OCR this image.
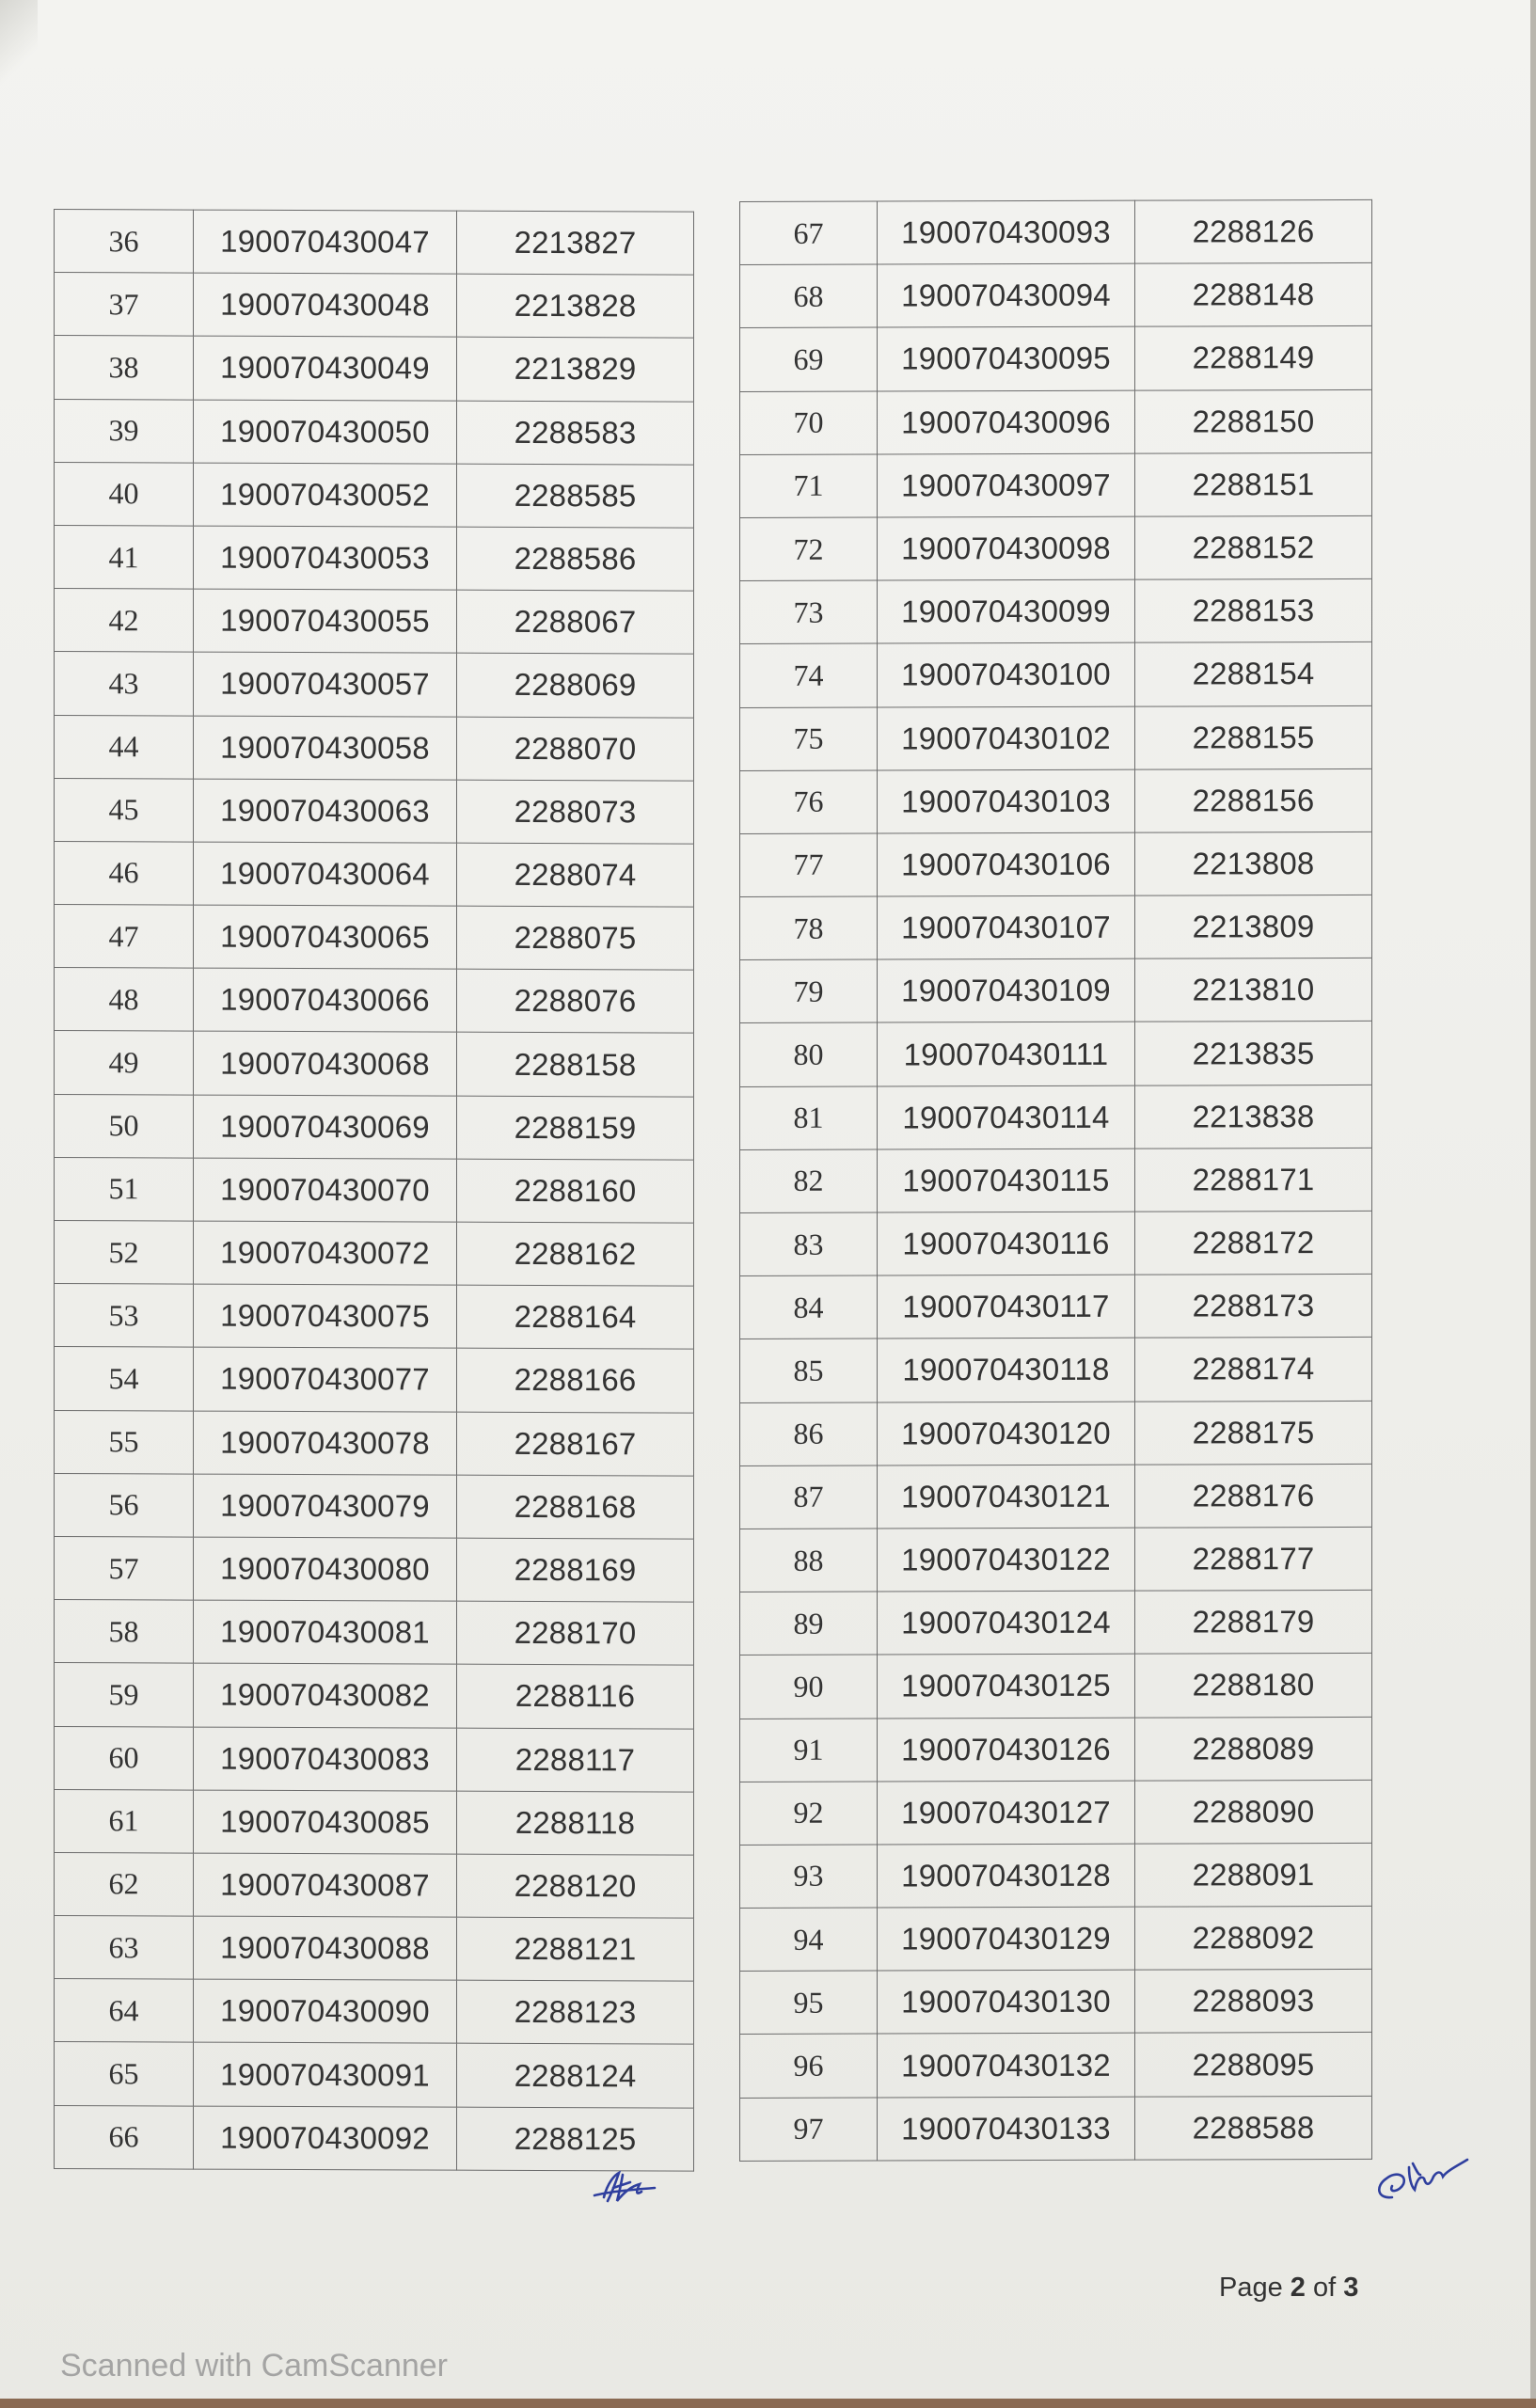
36	190070430047	2213827
37	190070430048	2213828
38	190070430049	2213829
39	190070430050	2288583
40	190070430052	2288585
41	190070430053	2288586
42	190070430055	2288067
43	190070430057	2288069
44	190070430058	2288070
45	190070430063	2288073
46	190070430064	2288074
47	190070430065	2288075
48	190070430066	2288076
49	190070430068	2288158
50	190070430069	2288159
51	190070430070	2288160
52	190070430072	2288162
53	190070430075	2288164
54	190070430077	2288166
55	190070430078	2288167
56	190070430079	2288168
57	190070430080	2288169
58	190070430081	2288170
59	190070430082	2288116
60	190070430083	2288117
61	190070430085	2288118
62	190070430087	2288120
63	190070430088	2288121
64	190070430090	2288123
65	190070430091	2288124
66	190070430092	2288125
67	190070430093	2288126
68	190070430094	2288148
69	190070430095	2288149
70	190070430096	2288150
71	190070430097	2288151
72	190070430098	2288152
73	190070430099	2288153
74	190070430100	2288154
75	190070430102	2288155
76	190070430103	2288156
77	190070430106	2213808
78	190070430107	2213809
79	190070430109	2213810
80	190070430111	2213835
81	190070430114	2213838
82	190070430115	2288171
83	190070430116	2288172
84	190070430117	2288173
85	190070430118	2288174
86	190070430120	2288175
87	190070430121	2288176
88	190070430122	2288177
89	190070430124	2288179
90	190070430125	2288180
91	190070430126	2288089
92	190070430127	2288090
93	190070430128	2288091
94	190070430129	2288092
95	190070430130	2288093
96	190070430132	2288095
97	190070430133	2288588
Page 2 of 3
Scanned with CamScanner
